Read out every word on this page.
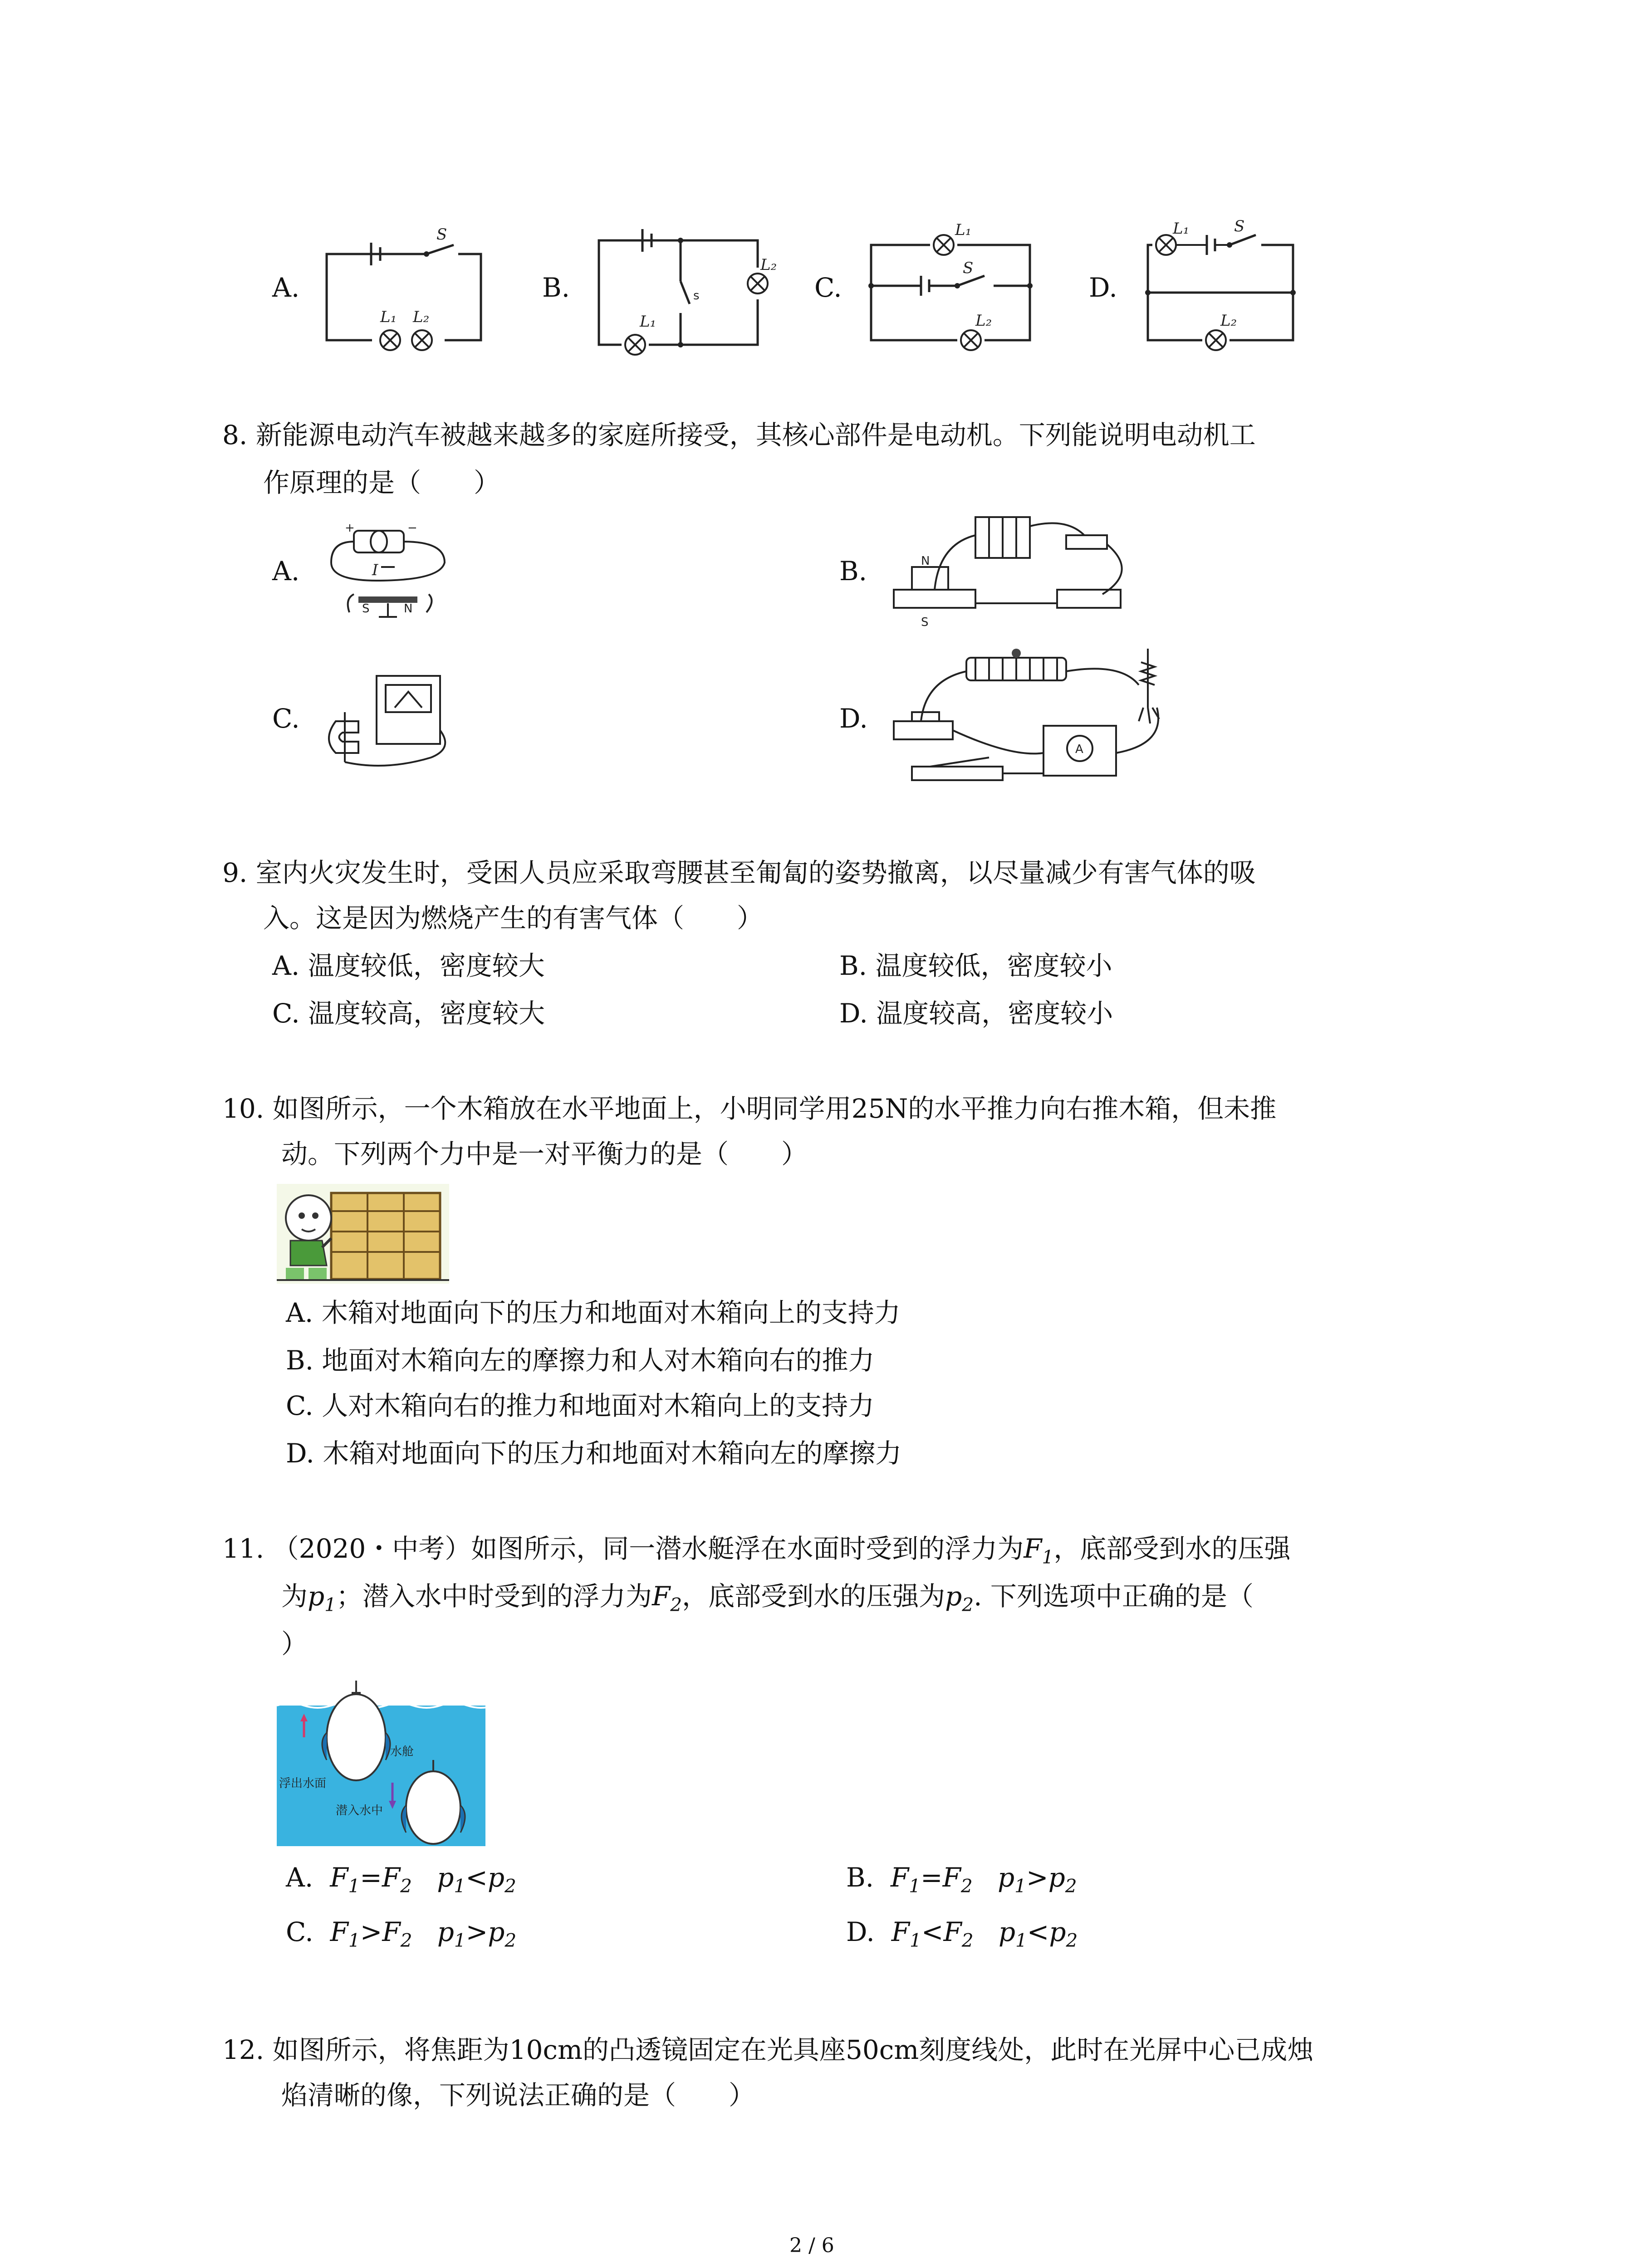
A.
S
L₁ L₂
B.	s
L₂
L₁
C.
L₁
S
L₂
D.
L₁	S
L₂
8. 新能源电动汽车被越来越多的家庭所接受，其核心部件是电动机。下列能说明电动机工
作原理的是（　　）
A.
+	−
I
S	N
B.	N
S
C.	D.
A
9. 室内火灾发生时，受困人员应采取弯腰甚至匍匐的姿势撤离，以尽量减少有害气体的吸
入。这是因为燃烧产生的有害气体（　　）
A. 温度较低，密度较大	B. 温度较低，密度较小
C. 温度较高，密度较大	D. 温度较高，密度较小
10. 如图所示，一个木箱放在水平地面上，小明同学用25N的水平推力向右推木箱，但未推
动。下列两个力中是一对平衡力的是（　　）
A. 木箱对地面向下的压力和地面对木箱向上的支持力
B. 地面对木箱向左的摩擦力和人对木箱向右的推力
C. 人对木箱向右的推力和地面对木箱向上的支持力
D. 木箱对地面向下的压力和地面对木箱向左的摩擦力
11. （2020・中考）如图所示，同一潜水艇浮在水面时受到的浮力为$F_1$，底部受到水的压强
为$p_1$；潜入水中时受到的浮力为$F_2$，底部受到水的压强为$p_2$. 下列选项中正确的是（
）
水舱
浮出水面
潜入水中
A. $F_1=F_2$ $p_1<p_2$	B. $F_1=F_2$ $p_1>p_2$
C. $F_1>F_2$ $p_1>p_2$	D. $F_1<F_2$ $p_1<p_2$
12. 如图所示，将焦距为10cm的凸透镜固定在光具座50cm刻度线处，此时在光屏中心已成烛
焰清晰的像，下列说法正确的是（　　）
2 / 6
